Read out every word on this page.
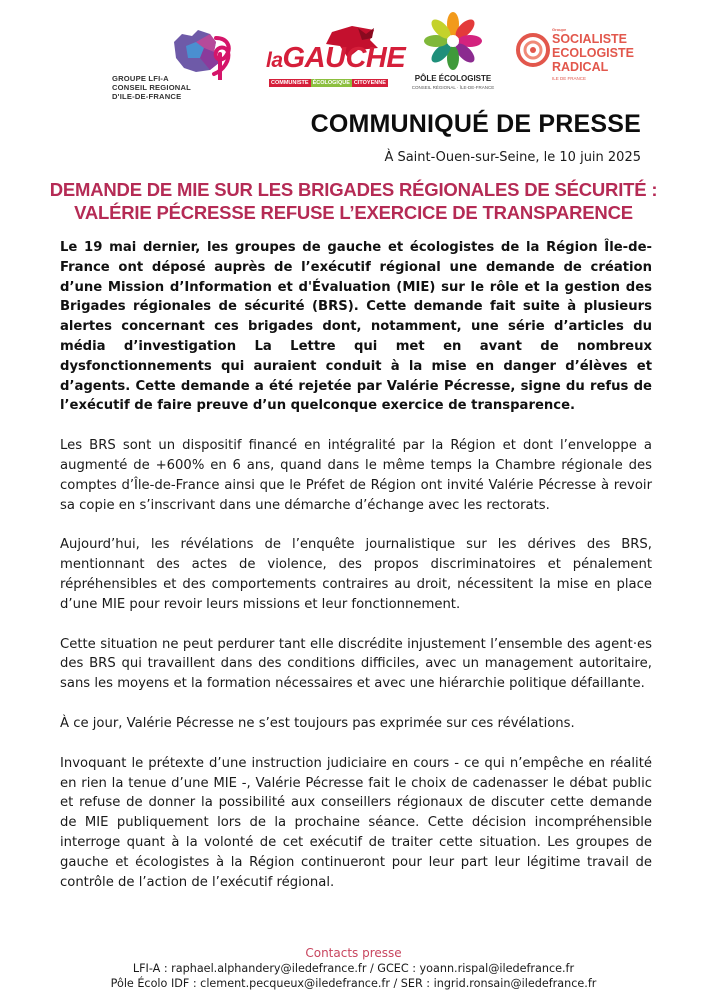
GROUPE LFI-A
CONSEIL REGIONAL
D'ILE-DE-FRANCE
laGAUCHE
COMMUNISTE ÉCOLOGIQUE CITOYENNE	PÔLE ÉCOLOGISTE
CONSEIL RÉGIONAL · ÎLE-DE-FRANCE
Groupe
SOCIALISTE
ECOLOGISTE
RADICAL
ILE DE FRANCE
COMMUNIQUÉ DE PRESSE
À Saint-Ouen-sur-Seine, le 10 juin 2025
DEMANDE DE MIE SUR LES BRIGADES RÉGIONALES DE SÉCURITÉ :
VALÉRIE PÉCRESSE REFUSE L’EXERCICE DE TRANSPARENCE

Le 19 mai dernier, les groupes de gauche et écologistes de la Région Île-de-France ont déposé auprès de l’exécutif régional une demande de création d’une Mission d’Information et d'Évaluation (MIE) sur le rôle et la gestion des Brigades régionales de sécurité (BRS). Cette demande fait suite à plusieurs alertes concernant ces brigades dont, notamment, une série d’articles du média d’investigation La Lettre qui met en avant de nombreux dysfonctionnements qui auraient conduit à la mise en danger d’élèves et d’agents. Cette demande a été rejetée par Valérie Pécresse, signe du refus de l’exécutif de faire preuve d’un quelconque exercice de transparence.

Les BRS sont un dispositif financé en intégralité par la Région et dont l’enveloppe a augmenté de +600% en 6 ans, quand dans le même temps la Chambre régionale des comptes d’Île-de-France ainsi que le Préfet de Région ont invité Valérie Pécresse à revoir sa copie en s’inscrivant dans une démarche d’échange avec les rectorats.

Aujourd’hui, les révélations de l’enquête journalistique sur les dérives des BRS, mentionnant des actes de violence, des propos discriminatoires et pénalement répréhensibles et des comportements contraires au droit, nécessitent la mise en place d’une MIE pour revoir leurs missions et leur fonctionnement.

Cette situation ne peut perdurer tant elle discrédite injustement l’ensemble des agent·es des BRS qui travaillent dans des conditions difficiles, avec un management autoritaire, sans les moyens et la formation nécessaires et avec une hiérarchie politique défaillante.

À ce jour, Valérie Pécresse ne s’est toujours pas exprimée sur ces révélations.

Invoquant le prétexte d’une instruction judiciaire en cours - ce qui n’empêche en réalité en rien la tenue d’une MIE -, Valérie Pécresse fait le choix de cadenasser le débat public et refuse de donner la possibilité aux conseillers régionaux de discuter cette demande de MIE publiquement lors de la prochaine séance. Cette décision incompréhensible interroge quant à la volonté de cet exécutif de traiter cette situation. Les groupes de gauche et écologistes à la Région continueront pour leur part leur légitime travail de contrôle de l’action de l’exécutif régional.

Contacts presse
LFI-A : raphael.alphandery@iledefrance.fr / GCEC : yoann.rispal@iledefrance.fr
Pôle Écolo IDF : clement.pecqueux@iledefrance.fr / SER : ingrid.ronsain@iledefrance.fr
